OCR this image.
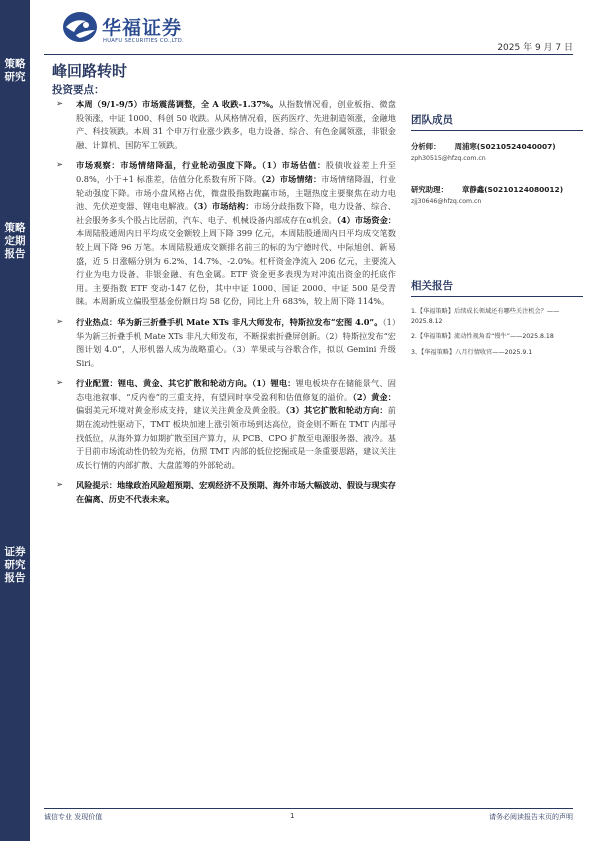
策略研究
策略定期报告
证券研究报告
华福证券
HUAFU SECURITIES CO.,LTD.
2025 年 9 月 7 日
峰回路转时
投资要点：
➢ 本周（9/1-9/5）市场震荡调整，全 A 收跌-1.37%。从指数情况看，创业板指、微盘股领涨，中证 1000、科创 50 收跌。从风格情况看，医药医疗、先进制造领涨，金融地产、科技领跌。本周 31 个申万行业涨少跌多，电力设备、综合、有色金属领涨，非银金融、计算机、国防军工领跌。
➢ 市场观察：市场情绪降温，行业轮动强度下降。（1）市场估值：股债收益差上升至 0.8%，小于+1 标准差，估值分化系数有所下降。（2）市场情绪：市场情绪降温，行业轮动强度下降。市场小盘风格占优，微盘股指数跑赢市场，主题热度主要聚焦在动力电池、先伏逆变器、锂电电解液。（3）市场结构：市场分歧指数下降，电力设备、综合、社会服务多头个股占比居前，汽车、电子、机械设备内部成存在α机会。（4）市场资金：本周陆股通周内日平均成交金额较上周下降 399 亿元，本周陆股通周内日平均成交笔数较上周下降 96 万笔。本周陆股通成交额排名前三的标的为宁德时代、中际旭创、新易盛，近 5 日涨幅分别为 6.2%、14.7%、-2.0%。杠杆资金净流入 206 亿元，主要流入行业为电力设备、非银金融、有色金属。ETF 资金更多表现为对冲流出资金的托底作用。主要指数 ETF 变动-147 亿份，其中中证 1000、国证 2000、中证 500 是受青睐。本周新成立偏股型基金份额日均 58 亿份，同比上升 683%，较上周下降 114%。
➢ 行业热点：华为新三折叠手机 Mate XTs 非凡大师发布，特斯拉发布“宏图 4.0”。（1）华为新三折叠手机 Mate XTs 非凡大师发布，不断探索折叠屏创新。（2）特斯拉发布“宏图计划 4.0”，人形机器人成为战略重心。（3）苹果或与谷歌合作，拟以 Gemini 升级 Siri。
➢ 行业配置：锂电、黄金、其它扩散和轮动方向。（1）锂电：锂电板块存在储能景气、固态电池叙事、“反内卷”的三重支持，有望同时享受盈利和估值修复的溢价。（2）黄金：偏弱美元环境对黄金形成支持，建议关注黄金及黄金股。（3）其它扩散和轮动方向：前期在流动性驱动下，TMT 板块加速上涨引领市场到达高位，资金则不断在 TMT 内部寻找低位，从海外算力如期扩散至国产算力，从 PCB、CPO 扩散至电源服务器、液冷。基于目前市场流动性仍较为充裕，仿照 TMT 内部的低位挖掘或是一条重要思路，建议关注成长行情的内部扩散、大盘蓝筹的外部轮动。
➢ 风险提示：地缘政治风险超预期、宏观经济不及预期、海外市场大幅波动、假设与现实存在偏离、历史不代表未来。
团队成员
分析师： 周浦寒(S0210524040007)
zph30515@hfzq.com.cn
研究助理： 章静鑫(S0210124080012)
zjj30646@hfzq.com.cn
相关报告
1.【华福策略】后续成长领域还有哪些关注机会？——2025.8.12
2.【华福策略】流动性视角看“慢牛”——2025.8.18
3、【华福策略】八月行情收官——2025.9.1
诚信专业 发现价值	1	请务必阅读报告末页的声明
